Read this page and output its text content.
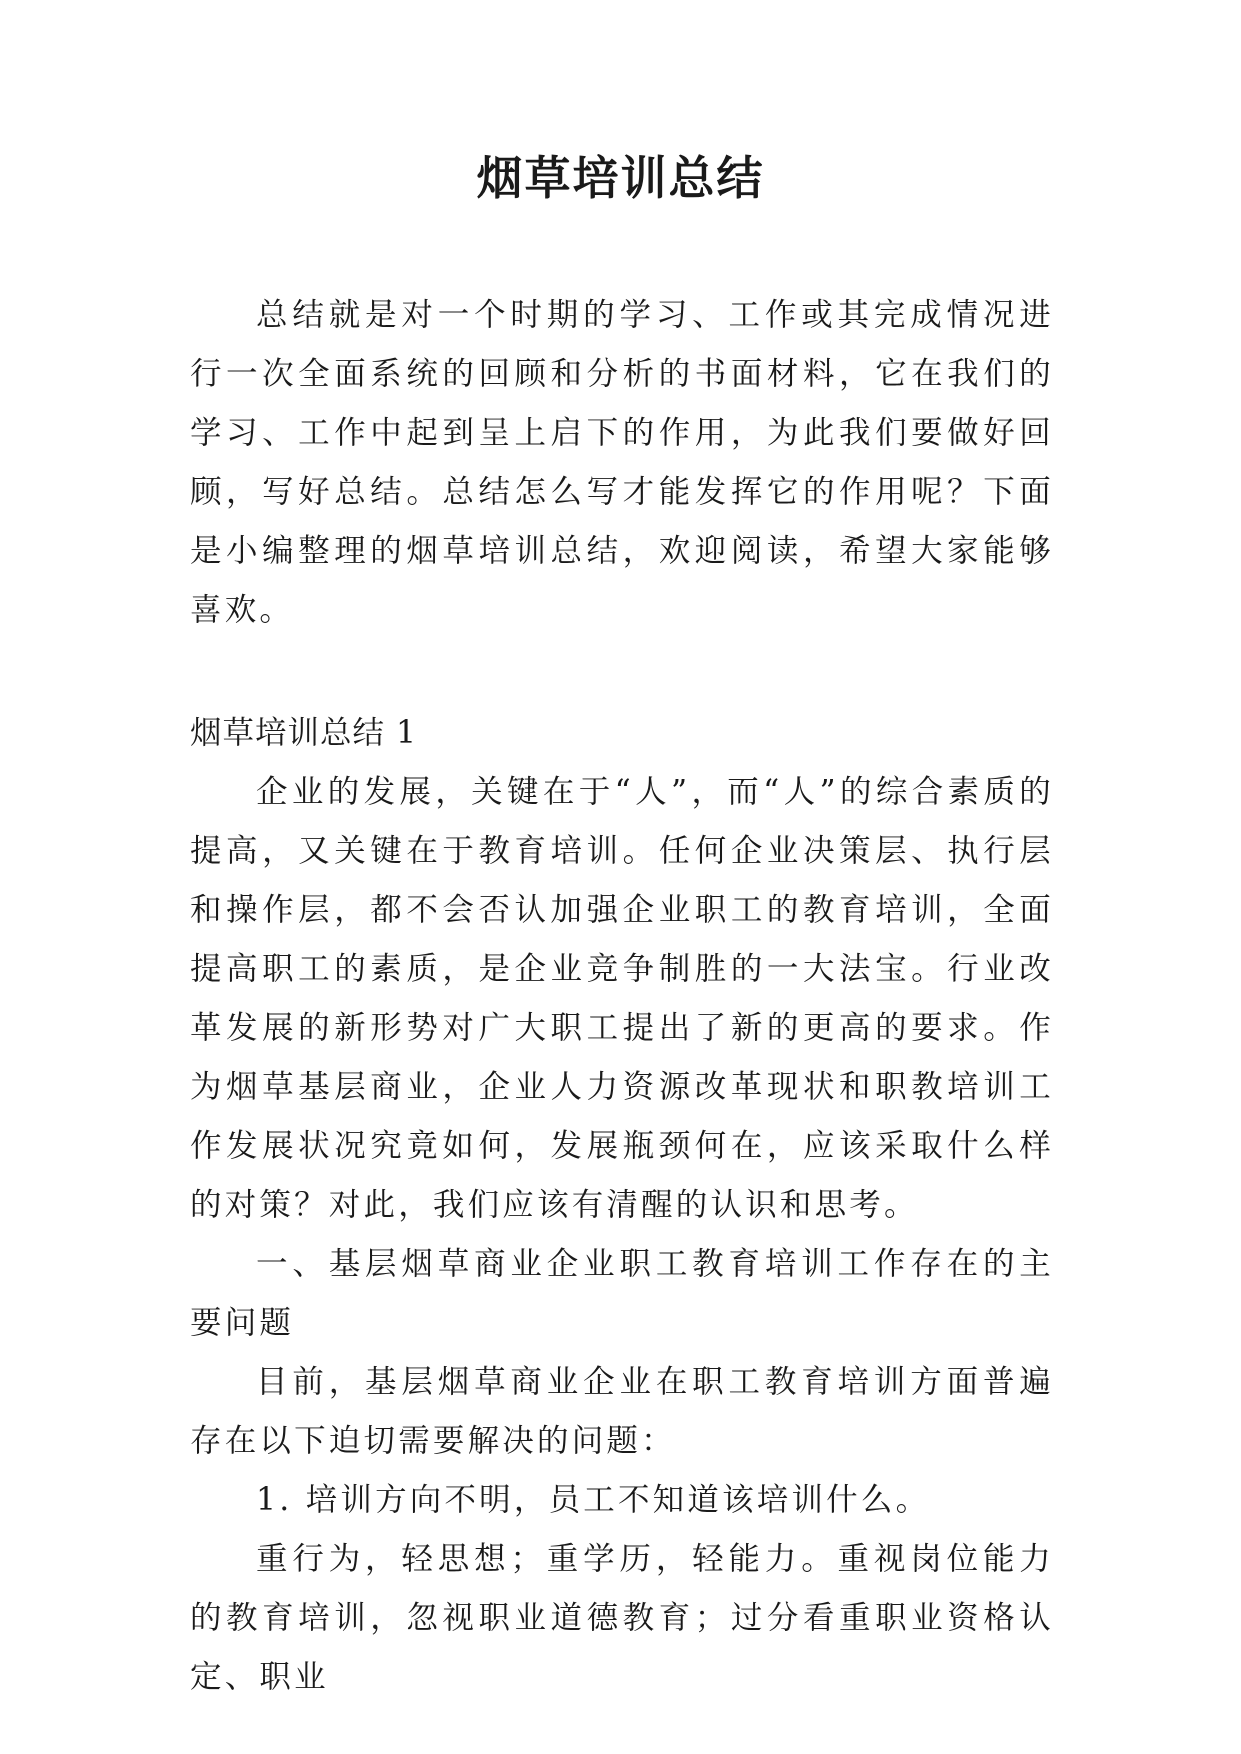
烟草培训总结

总结就是对一个时期的学习、工作或其完成情况进行一次全面系统的回顾和分析的书面材料，它在我们的学习、工作中起到呈上启下的作用，为此我们要做好回顾，写好总结。总结怎么写才能发挥它的作用呢？下面是小编整理的烟草培训总结，欢迎阅读，希望大家能够喜欢。

烟草培训总结 1

企业的发展，关键在于“人”，而“人”的综合素质的提高，又关键在于教育培训。任何企业决策层、执行层和操作层，都不会否认加强企业职工的教育培训，全面提高职工的素质，是企业竞争制胜的一大法宝。行业改革发展的新形势对广大职工提出了新的更高的要求。作为烟草基层商业，企业人力资源改革现状和职教培训工作发展状况究竟如何，发展瓶颈何在，应该采取什么样的对策？对此，我们应该有清醒的认识和思考。

一、基层烟草商业企业职工教育培训工作存在的主要问题

目前，基层烟草商业企业在职工教育培训方面普遍存在以下迫切需要解决的问题：

1. 培训方向不明，员工不知道该培训什么。

重行为，轻思想；重学历，轻能力。重视岗位能力的教育培训，忽视职业道德教育；过分看重职业资格认定、职业
